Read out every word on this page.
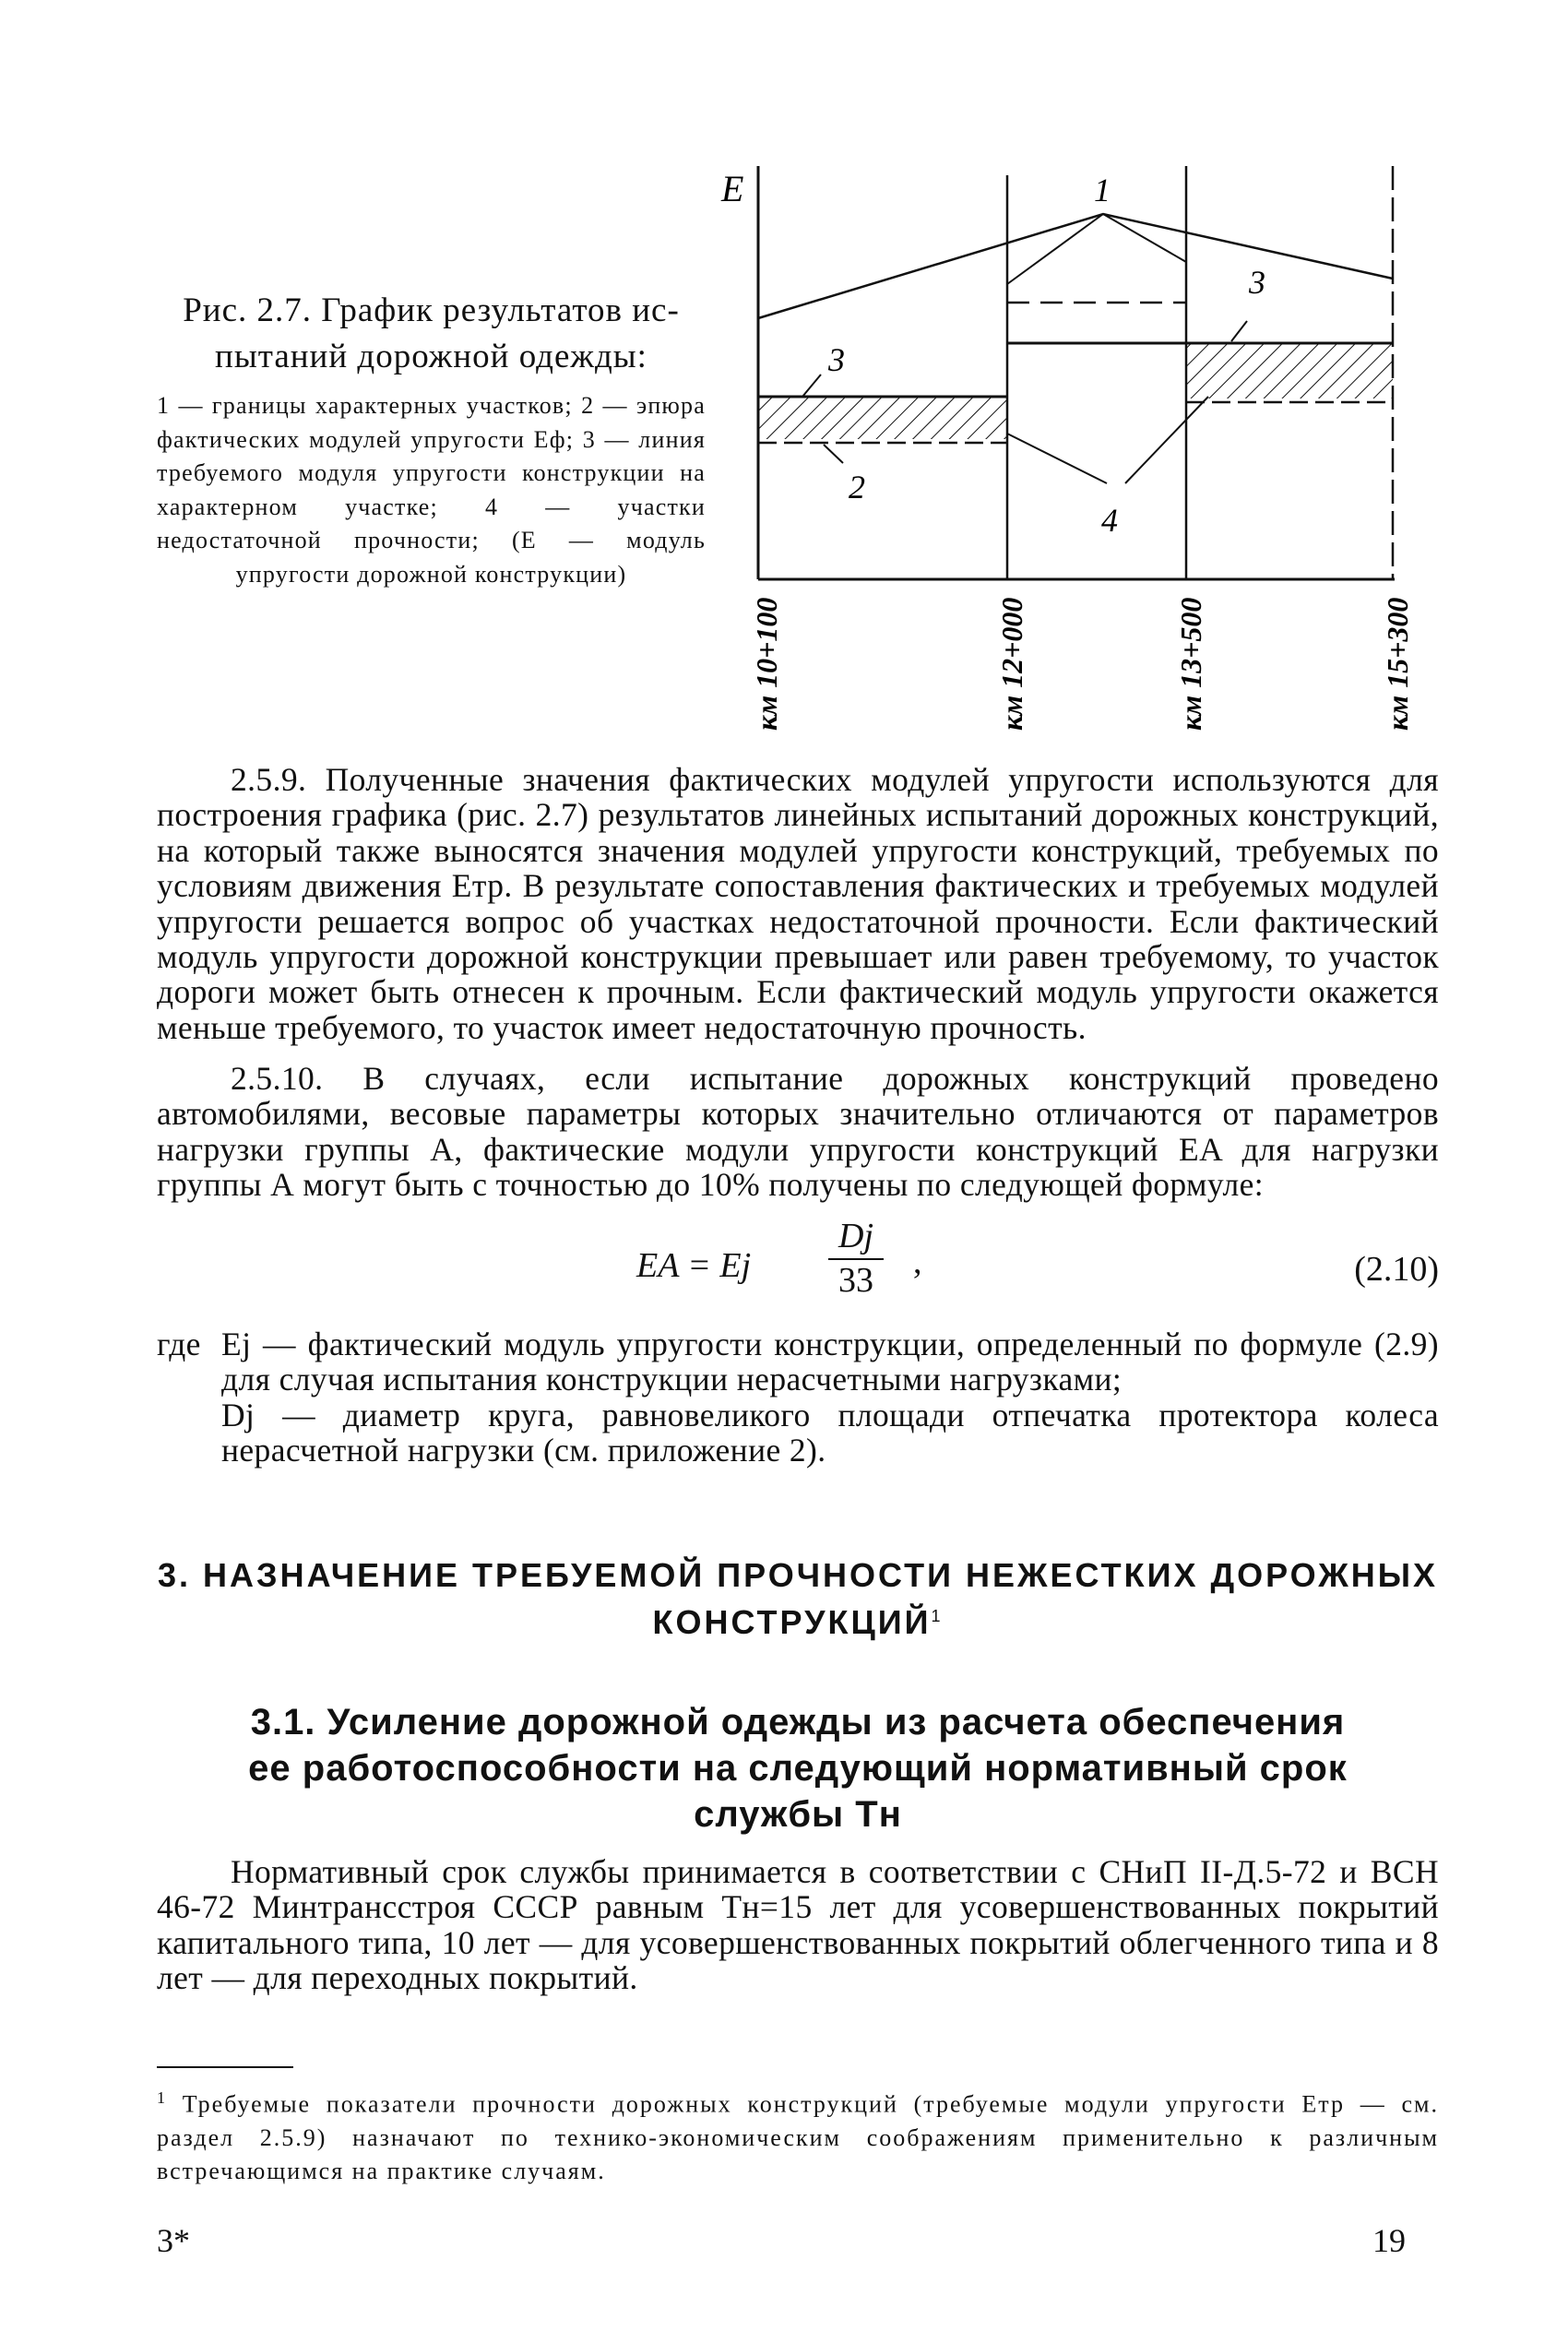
Рис. 2.7. График результатов ис-
пытаний дорожной одежды:
1 — границы характерных участков; 2 — эпюра фактических модулей упругости Eф; 3 — линия требуемого модуля упругости конструкции на характерном участке; 4 — участки недостаточной прочности; (E — модуль упругости дорожной конструкции)
E	1
3
3
2
4
км 10+100	км 12+000	км 13+500	км 15+300

2.5.9. Полученные значения фактических модулей упругости используются для построения графика (рис. 2.7) результатов линейных испытаний дорожных конструкций, на который также выносятся значения модулей упругости конструкций, требуемых по условиям движения Eтр. В результате сопоставления фактических и требуемых модулей упругости решается вопрос об участках недостаточной прочности. Если фактический модуль упругости дорожной конструкции превышает или равен требуемому, то участок дороги может быть отнесен к прочным. Если фактический модуль упругости окажется меньше требуемого, то участок имеет недостаточную прочность.

2.5.10. В случаях, если испытание дорожных конструкций проведено автомобилями, весовые параметры которых значительно отличаются от параметров нагрузки группы А, фактические модули упругости конструкций EA для нагрузки группы А могут быть с точностью до 10% получены по следующей формуле:

EA = Ej
Dj
33 ,	(2.10)
где Ej — фактический модуль упругости конструкции, определенный по формуле (2.9) для случая испытания конструкции нерасчетными нагрузками;
Dj — диаметр круга, равновеликого площади отпечатка протектора колеса нерасчетной нагрузки (см. приложение 2).
3. НАЗНАЧЕНИЕ ТРЕБУЕМОЙ ПРОЧНОСТИ НЕЖЕСТКИХ ДОРОЖНЫХ
КОНСТРУКЦИЙ$^1$
3.1. Усиление дорожной одежды из расчета обеспечения
ее работоспособности на следующий нормативный срок
службы Tн

Нормативный срок службы принимается в соответствии с СНиП II-Д.5-72 и ВСН 46-72 Минтрансстроя СССР равным Tн=15 лет для усовершенствованных покрытий капитального типа, 10 лет — для усовершенствованных покрытий облегченного типа и 8 лет — для переходных покрытий.

$^1$ Требуемые показатели прочности дорожных конструкций (требуемые модули упругости Eтр — см. раздел 2.5.9) назначают по технико-экономическим соображениям применительно к различным встречающимся на практике случаям.
3*	19
